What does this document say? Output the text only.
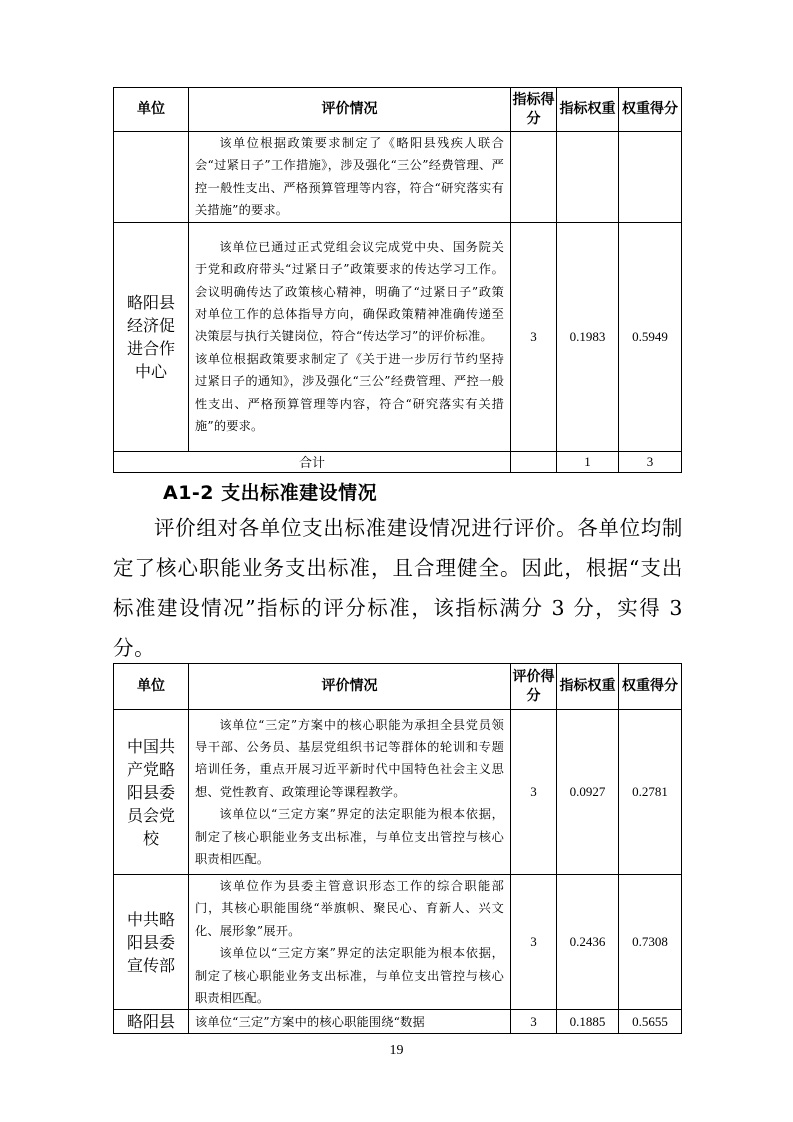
单位	评价情况	指标得分	指标权重	权重得分

	该单位根据政策要求制定了《略阳县残疾人联合会“过紧日子”工作措施》，涉及强化“三公”经费管理、严控一般性支出、严格预算管理等内容，符合“研究落实有关措施”的要求。			

略阳县经济促进合作中心	该单位已通过正式党组会议完成党中央、国务院关于党和政府带头“过紧日子”政策要求的传达学习工作。会议明确传达了政策核心精神，明确了“过紧日子”政策对单位工作的总体指导方向，确保政策精神准确传递至决策层与执行关键岗位，符合“传达学习”的评价标准。

该单位根据政策要求制定了《关于进一步厉行节约坚持过紧日子的通知》，涉及强化“三公”经费管理、严控一般性支出、严格预算管理等内容，符合“研究落实有关措施”的要求。	3	0.1983	0.5949
合计			1	3
A1-2 支出标准建设情况

评价组对各单位支出标准建设情况进行评价。各单位均制定了核心职能业务支出标准，且合理健全。因此，根据“支出标准建设情况”指标的评分标准，该指标满分 3 分，实得 3 分。

单位	评价情况	评价得分	指标权重	权重得分
中国共产党略阳县委员会党校	该单位“三定”方案中的核心职能为承担全县党员领导干部、公务员、基层党组织书记等群体的轮训和专题培训任务，重点开展习近平新时代中国特色社会主义思想、党性教育、政策理论等课程教学。

该单位以“三定方案”界定的法定职能为根本依据，制定了核心职能业务支出标准，与单位支出管控与核心职责相匹配。	3	0.0927	0.2781
中共略阳县委宣传部	该单位作为县委主管意识形态工作的综合职能部门，其核心职能围绕“举旗帜、聚民心、育新人、兴文化、展形象”展开。

该单位以“三定方案”界定的法定职能为根本依据，制定了核心职能业务支出标准，与单位支出管控与核心职责相匹配。	3	0.2436	0.7308
略阳县	该单位“三定”方案中的核心职能围绕“数据	3	0.1885	0.5655
19
